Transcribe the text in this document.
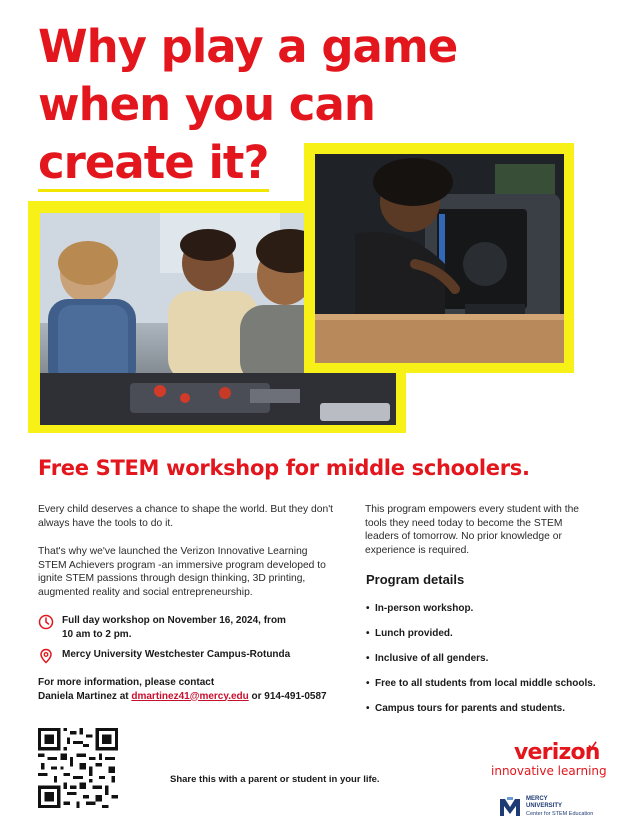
Why play a game
when you can
create it?
Free STEM workshop for middle schoolers.

Every child deserves a chance to shape the world. But they don't always have the tools to do it.

That's why we've launched the Verizon Innovative Learning STEM Achievers program -an immersive program developed to ignite STEM passions through design thinking, 3D printing, augmented reality and social entrepreneurship.

This program empowers every student with the tools they need today to become the STEM leaders of tomorrow. No prior knowledge or experience is required.

Full day workshop on November 16, 2024, from 10 am to 2 pm.
Mercy University Westchester Campus-Rotunda
For more information, please contact
Daniela Martinez at dmartinez41@mercy.edu or 914-491-0587
Program details
• In-person workshop.
• Lunch provided.
• Inclusive of all genders.
• Free to all students from local middle schools.
• Campus tours for parents and students.
Share this with a parent or student in your life.
verizon
innovative learning
MERCY
UNIVERSITY
Center for STEM Education
